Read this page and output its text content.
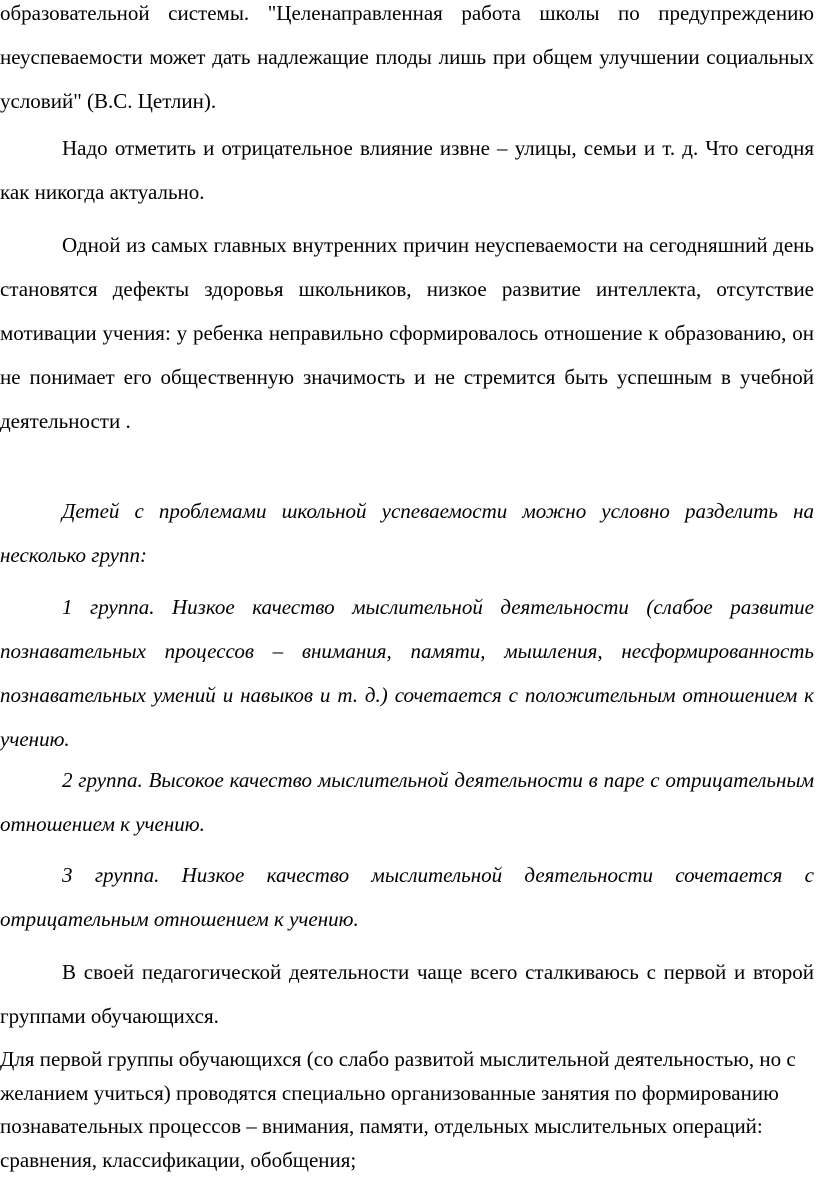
образовательной системы. "Целенаправленная работа школы по предупреждению неуспеваемости может дать надлежащие плоды лишь при общем улучшении социальных условий" (В.С. Цетлин).

Надо отметить и отрицательное влияние извне – улицы, семьи и т. д. Что сегодня как никогда актуально.

Одной из самых главных внутренних причин неуспеваемости на сегодняшний день становятся дефекты здоровья школьников, низкое развитие интеллекта, отсутствие мотивации учения: у ребенка неправильно сформировалось отношение к образованию, он не понимает его общественную значимость и не стремится быть успешным в учебной деятельности .

Детей с проблемами школьной успеваемости можно условно разделить на несколько групп:

1 группа. Низкое качество мыслительной деятельности (слабое развитие познавательных процессов – внимания, памяти, мышления, несформированность познавательных умений и навыков и т. д.) сочетается с положительным отношением к учению.

2 группа. Высокое качество мыслительной деятельности в паре с отрицательным отношением к учению.

3 группа. Низкое качество мыслительной деятельности сочетается с отрицательным отношением к учению.

В своей педагогической деятельности чаще всего сталкиваюсь с первой и второй группами обучающихся.

Для первой группы обучающихся (со слабо развитой мыслительной деятельностью, но с желанием учиться) проводятся специально организованные занятия по формированию познавательных процессов – внимания, памяти, отдельных мыслительных операций: сравнения, классификации, обобщения;
